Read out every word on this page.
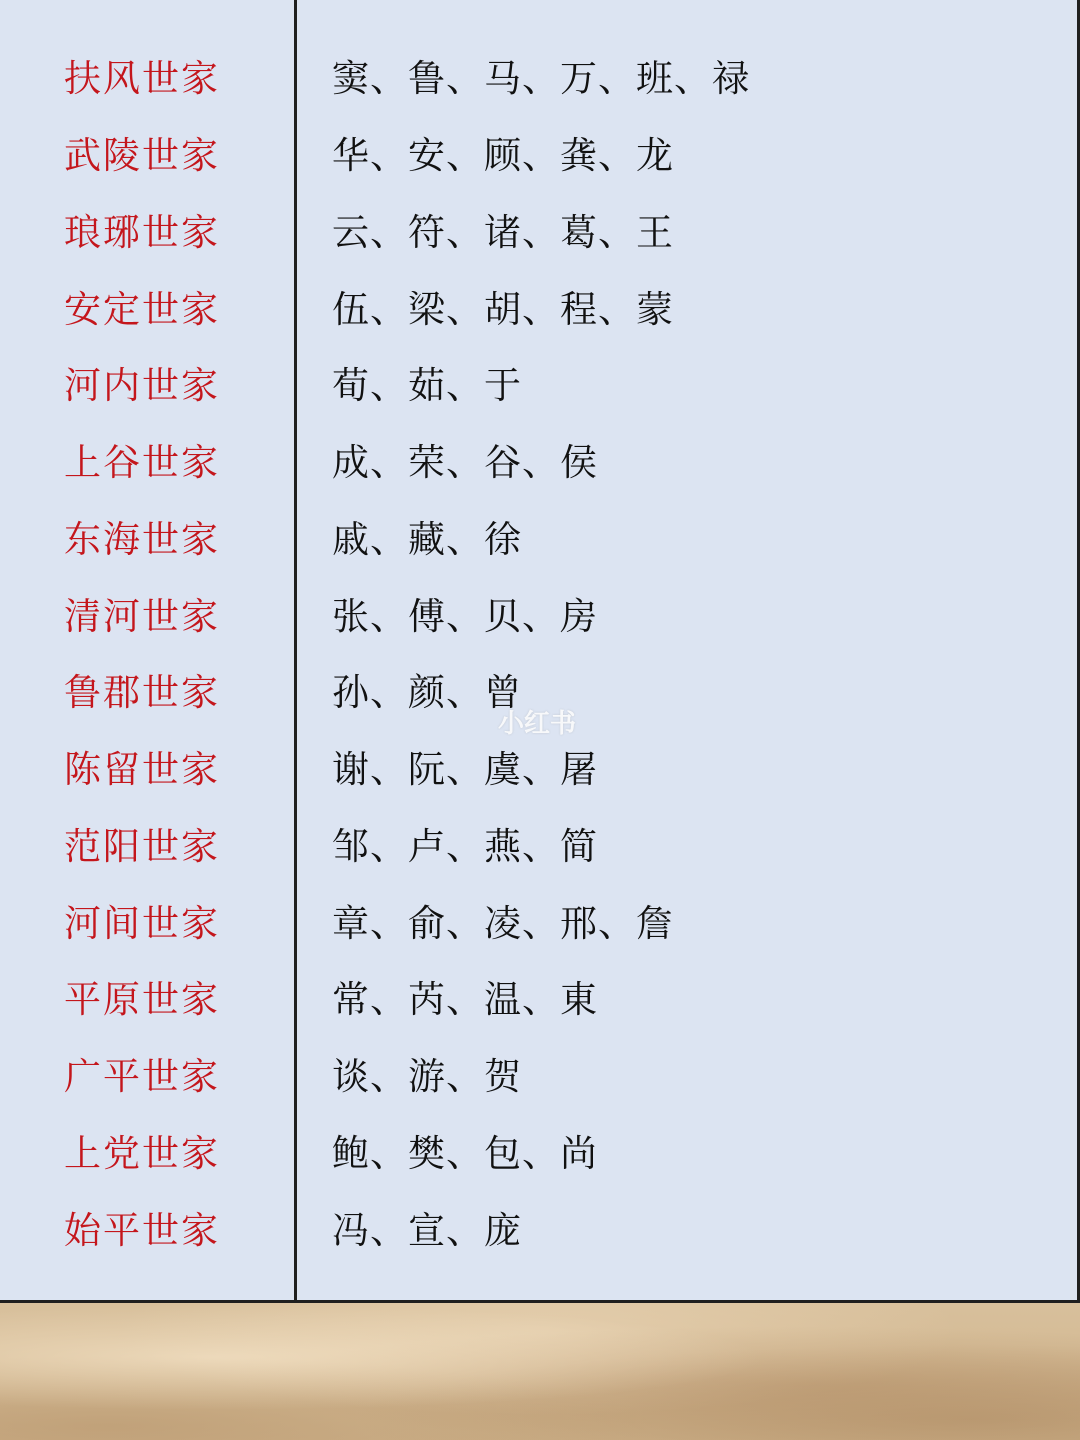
扶风世家	窦、鲁、马、万、班、禄
武陵世家	华、安、顾、龚、龙
琅琊世家	云、符、诸、葛、王
安定世家	伍、梁、胡、程、蒙
河内世家	荀、茹、于
上谷世家	成、荣、谷、侯
东海世家	戚、藏、徐
清河世家	张、傅、贝、房
鲁郡世家	孙、颜、曾
陈留世家	谢、阮、虞、屠
范阳世家	邹、卢、燕、简
河间世家	章、俞、凌、邢、詹
平原世家	常、芮、温、東
广平世家	谈、游、贺
上党世家	鲍、樊、包、尚
始平世家	冯、宣、庞
小红书
